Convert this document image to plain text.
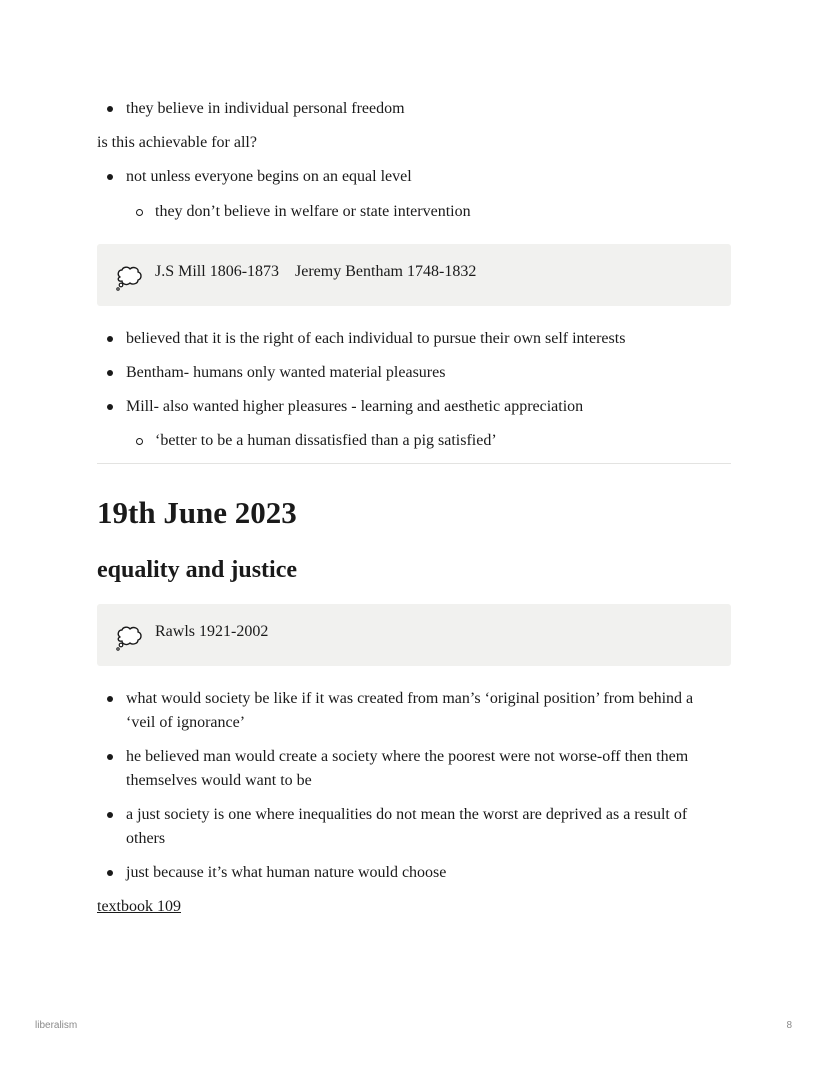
they believe in individual personal freedom

is this achievable for all?

not unless everyone begins on an equal level

they don’t believe in welfare or state intervention

J.S Mill 1806-1873    Jeremy Bentham 1748-1832

believed that it is the right of each individual to pursue their own self interests

Bentham- humans only wanted material pleasures

Mill- also wanted higher pleasures - learning and aesthetic appreciation

‘better to be a human dissatisfied than a pig satisfied’

19th June 2023
equality and justice
Rawls 1921-2002

what would society be like if it was created from man’s ‘original position’ from behind a ‘veil of ignorance’

he believed man would create a society where the poorest were not worse-off then them themselves would want to be

a just society is one where inequalities do not mean the worst are deprived as a result of others

just because it’s what human nature would choose

textbook 109
liberalism	8
